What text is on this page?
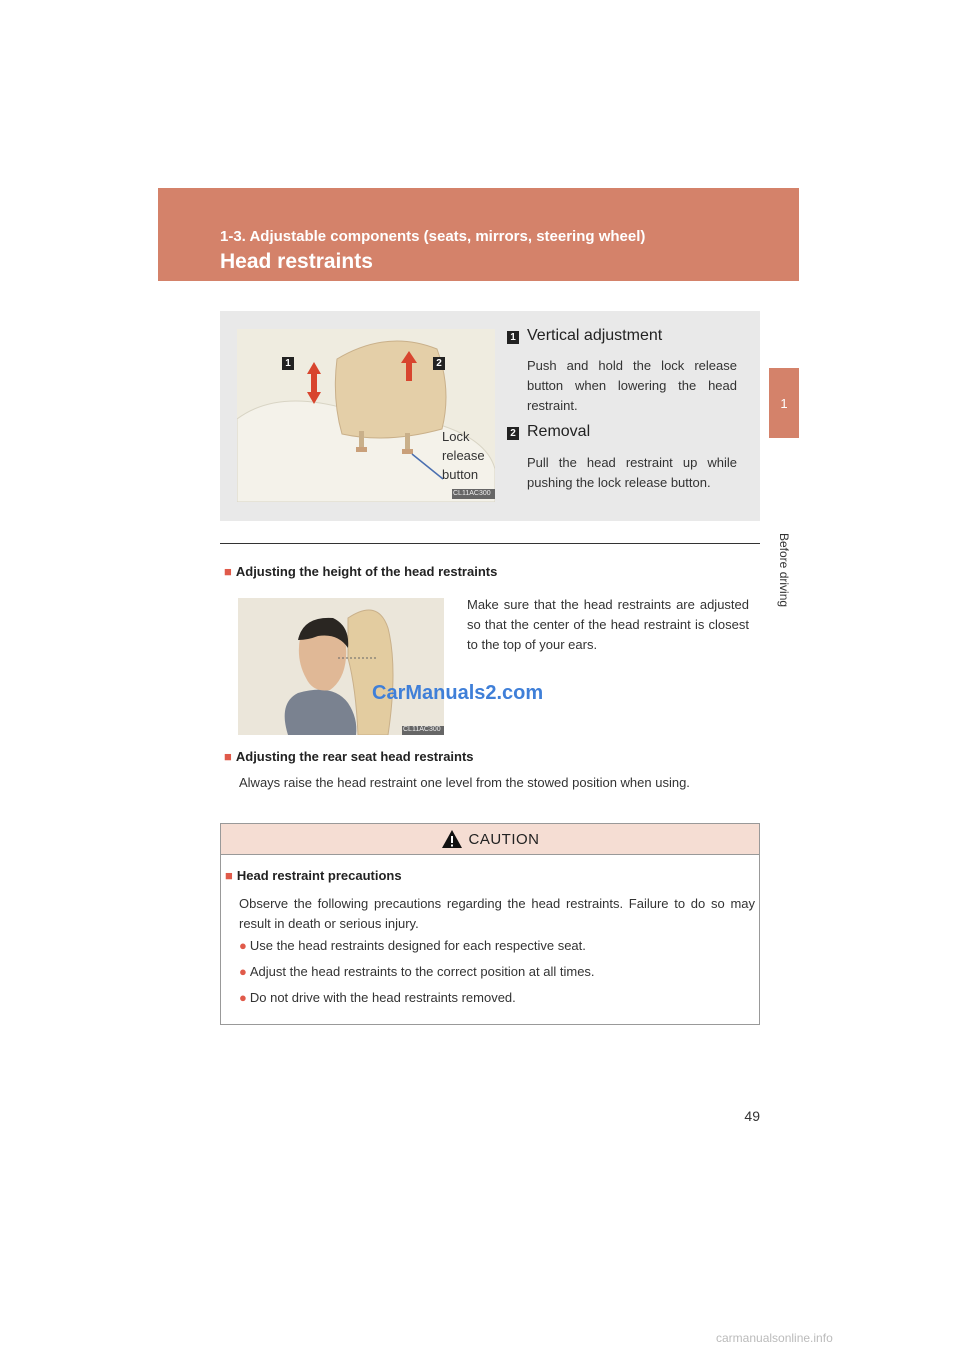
1-3. Adjustable components (seats, mirrors, steering wheel)
Head restraints
1
Before driving
1	2
CL11AC300
Lock
release
button
1 Vertical adjustment
Push and hold the lock release button when lowering the head restraint.
2 Removal
Pull the head restraint up while pushing the lock release button.
■ Adjusting the height of the head restraints
CL11AC300
Make sure that the head restraints are adjusted so that the center of the head restraint is closest to the top of your ears.
CarManuals2.com
■ Adjusting the rear seat head restraints
Always raise the head restraint one level from the stowed position when using.
CAUTION
■ Head restraint precautions
Observe the following precautions regarding the head restraints. Failure to do so may result in death or serious injury.
● Use the head restraints designed for each respective seat.
● Adjust the head restraints to the correct position at all times.
● Do not drive with the head restraints removed.
49
carmanualsonline.info
